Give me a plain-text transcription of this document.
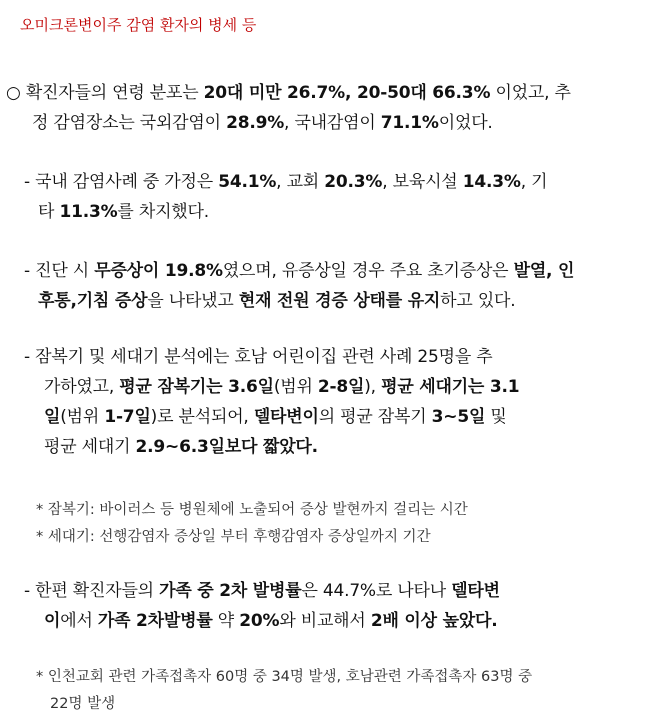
오미크론변이주 감염 환자의 병세 등
○ 확진자들의 연령 분포는 20대 미만 26.7%, 20-50대 66.3% 이었고, 추
정 감염장소는 국외감염이 28.9%, 국내감염이 71.1%이었다.
- 국내 감염사례 중 가정은 54.1%, 교회 20.3%, 보육시설 14.3%, 기
타 11.3%를 차지했다.
- 진단 시 무증상이 19.8%였으며, 유증상일 경우 주요 초기증상은 발열, 인
후통,기침 증상을 나타냈고 현재 전원 경증 상태를 유지하고 있다.
- 잠복기 및 세대기 분석에는 호남 어린이집 관련 사례 25명을 추
가하였고, 평균 잠복기는 3.6일(범위 2-8일), 평균 세대기는 3.1
일(범위 1-7일)로 분석되어, 델타변이의 평균 잠복기 3~5일 및
평균 세대기 2.9~6.3일보다 짧았다.
* 잠복기: 바이러스 등 병원체에 노출되어 증상 발현까지 걸리는 시간
* 세대기: 선행감염자 증상일 부터 후행감염자 증상일까지 기간
- 한편 확진자들의 가족 중 2차 발병률은 44.7%로 나타나 델타변
이에서 가족 2차발병률 약 20%와 비교해서 2배 이상 높았다.
* 인천교회 관련 가족접촉자 60명 중 34명 발생, 호남관련 가족접촉자 63명 중
22명 발생
